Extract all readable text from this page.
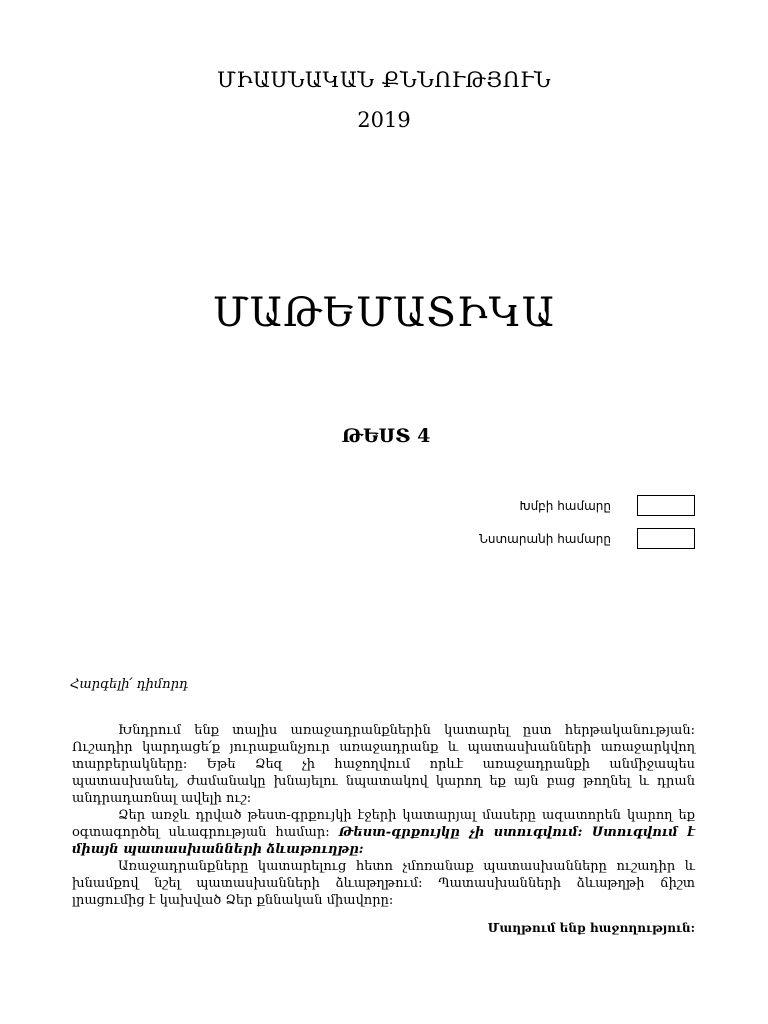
ՄԻԱՍՆԱԿԱՆ ՔՆՆՈՒԹՅՈՒՆ
2019
ՄԱԹԵՄԱՏԻԿԱ
ԹԵՍՏ 4
Խմբի համարը
Նստարանի համարը
Հարգելի՛ դիմորդ

Խնդրում ենք տալիս առաջադրանքներին կատարել ըստ հերթականության: Ուշադիր կարդացե՛ք յուրաքանչյուր առաջադրանք և պատասխանների առաջարկվող տարբերակները: Եթե Ձեզ չի հաջողվում որևէ առաջադրանքի անմիջապես պատասխանել, ժամանակը խնայելու նպատակով կարող եք այն բաց թողնել և դրան անդրադառնալ ավելի ուշ:

Ձեր առջև դրված թեստ-գրքույկի էջերի կատարյալ մասերը ազատորեն կարող եք օգտագործել սևագրության համար: Թեստ-գրքույկը չի ստուգվում: Ստուգվում է միայն պատասխանների ձևաթուղթը:

Առաջադրանքները կատարելուց հետո չմոռանաք պատասխանները ուշադիր և խնամքով նշել պատասխանների ձևաթղթում: Պատասխանների ձևաթղթի ճիշտ լրացումից է կախված Ձեր քննական միավորը:

Մաղթում ենք հաջողություն:
